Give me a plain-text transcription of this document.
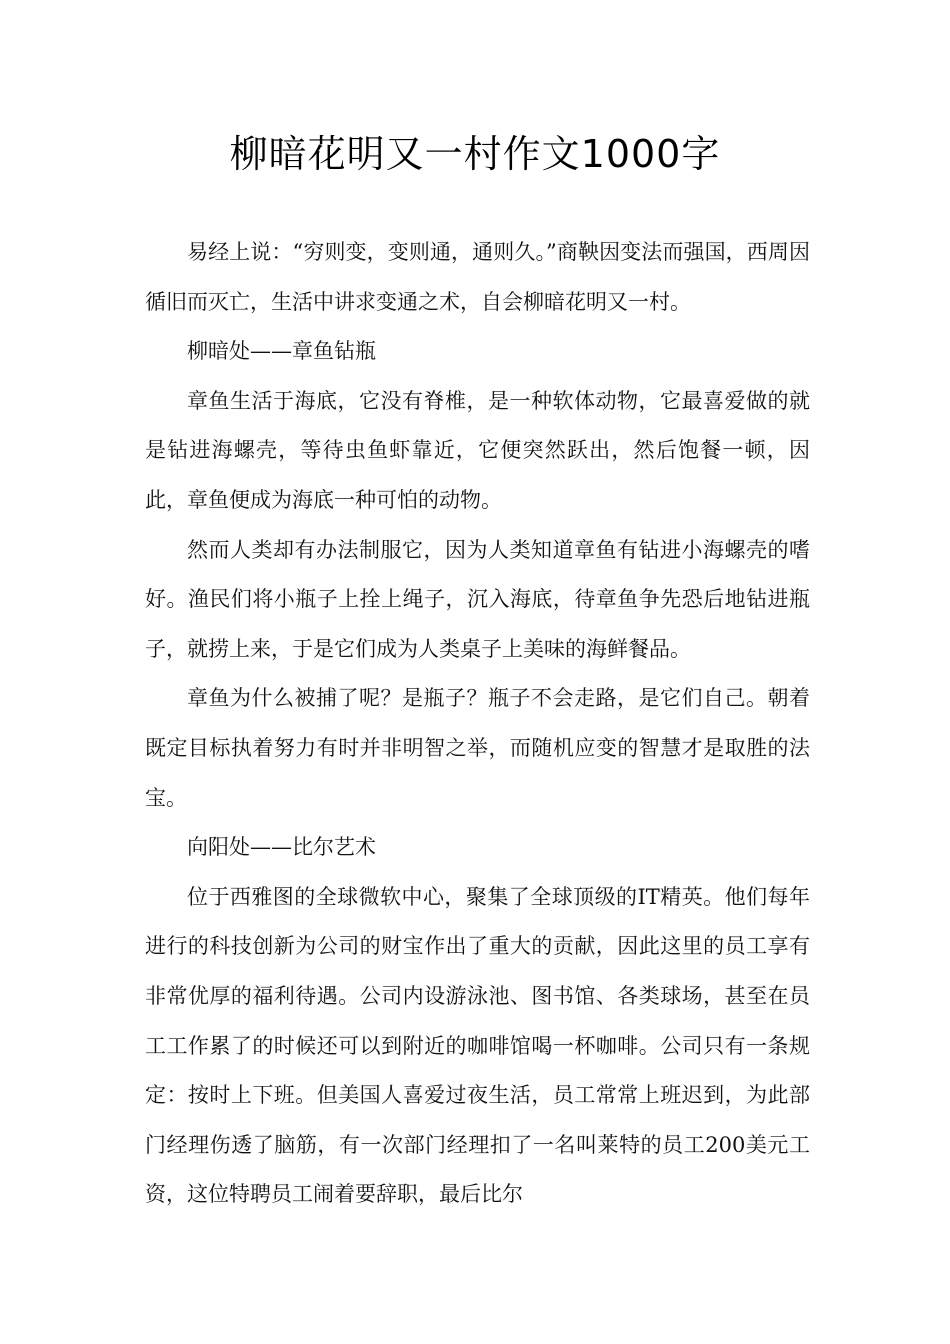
柳暗花明又一村作文1000字

易经上说：“穷则变，变则通，通则久。”商鞅因变法而强国，西周因循旧而灭亡，生活中讲求变通之术，自会柳暗花明又一村。

柳暗处——章鱼钻瓶

章鱼生活于海底，它没有脊椎，是一种软体动物，它最喜爱做的就是钻进海螺壳，等待虫鱼虾靠近，它便突然跃出，然后饱餐一顿，因此，章鱼便成为海底一种可怕的动物。

然而人类却有办法制服它，因为人类知道章鱼有钻进小海螺壳的嗜好。渔民们将小瓶子上拴上绳子，沉入海底，待章鱼争先恐后地钻进瓶子，就捞上来，于是它们成为人类桌子上美味的海鲜餐品。

章鱼为什么被捕了呢？是瓶子？瓶子不会走路，是它们自己。朝着既定目标执着努力有时并非明智之举，而随机应变的智慧才是取胜的法宝。

向阳处——比尔艺术

位于西雅图的全球微软中心，聚集了全球顶级的IT精英。他们每年进行的科技创新为公司的财宝作出了重大的贡献，因此这里的员工享有非常优厚的福利待遇。公司内设游泳池、图书馆、各类球场，甚至在员工工作累了的时候还可以到附近的咖啡馆喝一杯咖啡。公司只有一条规定：按时上下班。但美国人喜爱过夜生活，员工常常上班迟到，为此部门经理伤透了脑筋，有一次部门经理扣了一名叫莱特的员工200美元工资，这位特聘员工闹着要辞职，最后比尔
